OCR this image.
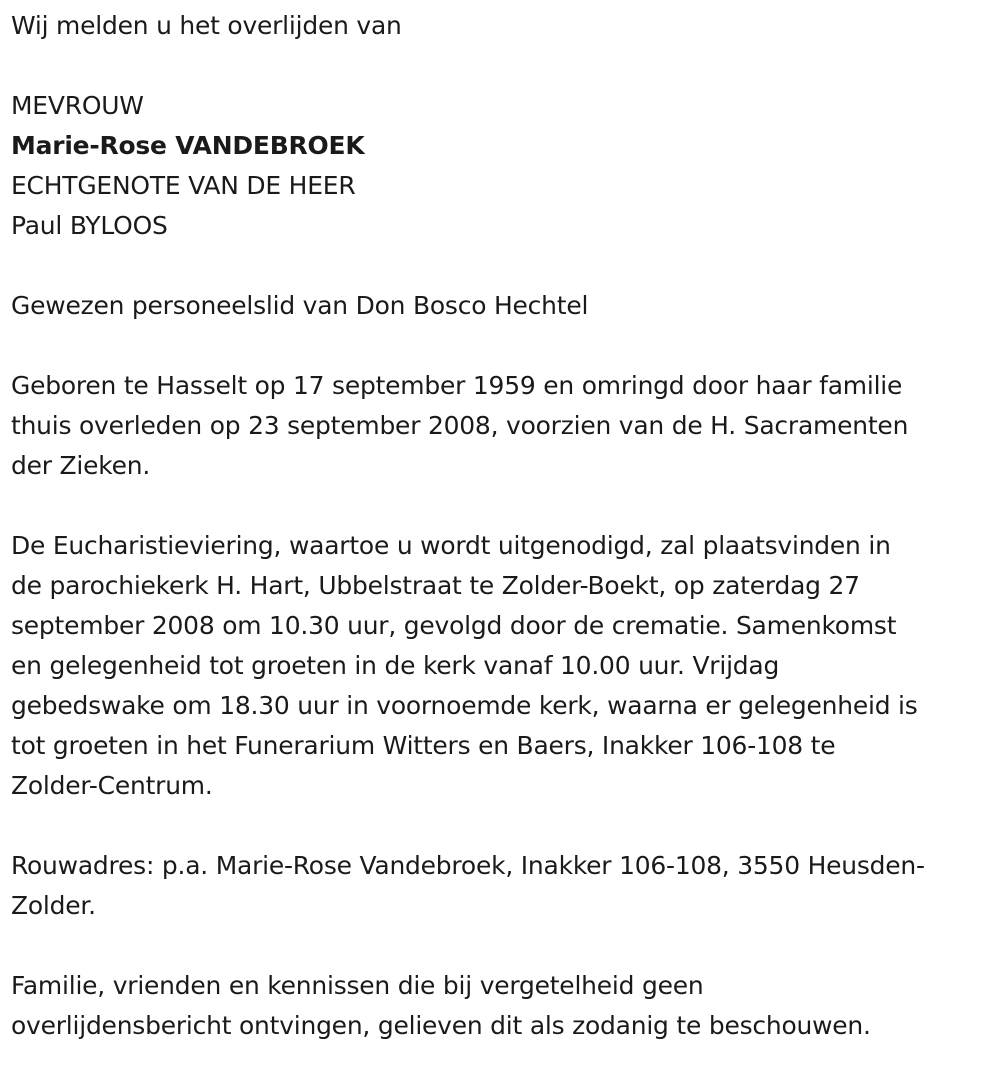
Wij melden u het overlijden van
MEVROUW
Marie-Rose VANDEBROEK
ECHTGENOTE VAN DE HEER
Paul BYLOOS
Gewezen personeelslid van Don Bosco Hechtel
Geboren te Hasselt op 17 september 1959 en omringd door haar familie
thuis overleden op 23 september 2008, voorzien van de H. Sacramenten
der Zieken.
De Eucharistieviering, waartoe u wordt uitgenodigd, zal plaatsvinden in
de parochiekerk H. Hart, Ubbelstraat te Zolder-Boekt, op zaterdag 27
september 2008 om 10.30 uur, gevolgd door de crematie. Samenkomst
en gelegenheid tot groeten in de kerk vanaf 10.00 uur. Vrijdag
gebedswake om 18.30 uur in voornoemde kerk, waarna er gelegenheid is
tot groeten in het Funerarium Witters en Baers, Inakker 106-108 te
Zolder-Centrum.
Rouwadres: p.a. Marie-Rose Vandebroek, Inakker 106-108, 3550 Heusden-
Zolder.
Familie, vrienden en kennissen die bij vergetelheid geen
overlijdensbericht ontvingen, gelieven dit als zodanig te beschouwen.
